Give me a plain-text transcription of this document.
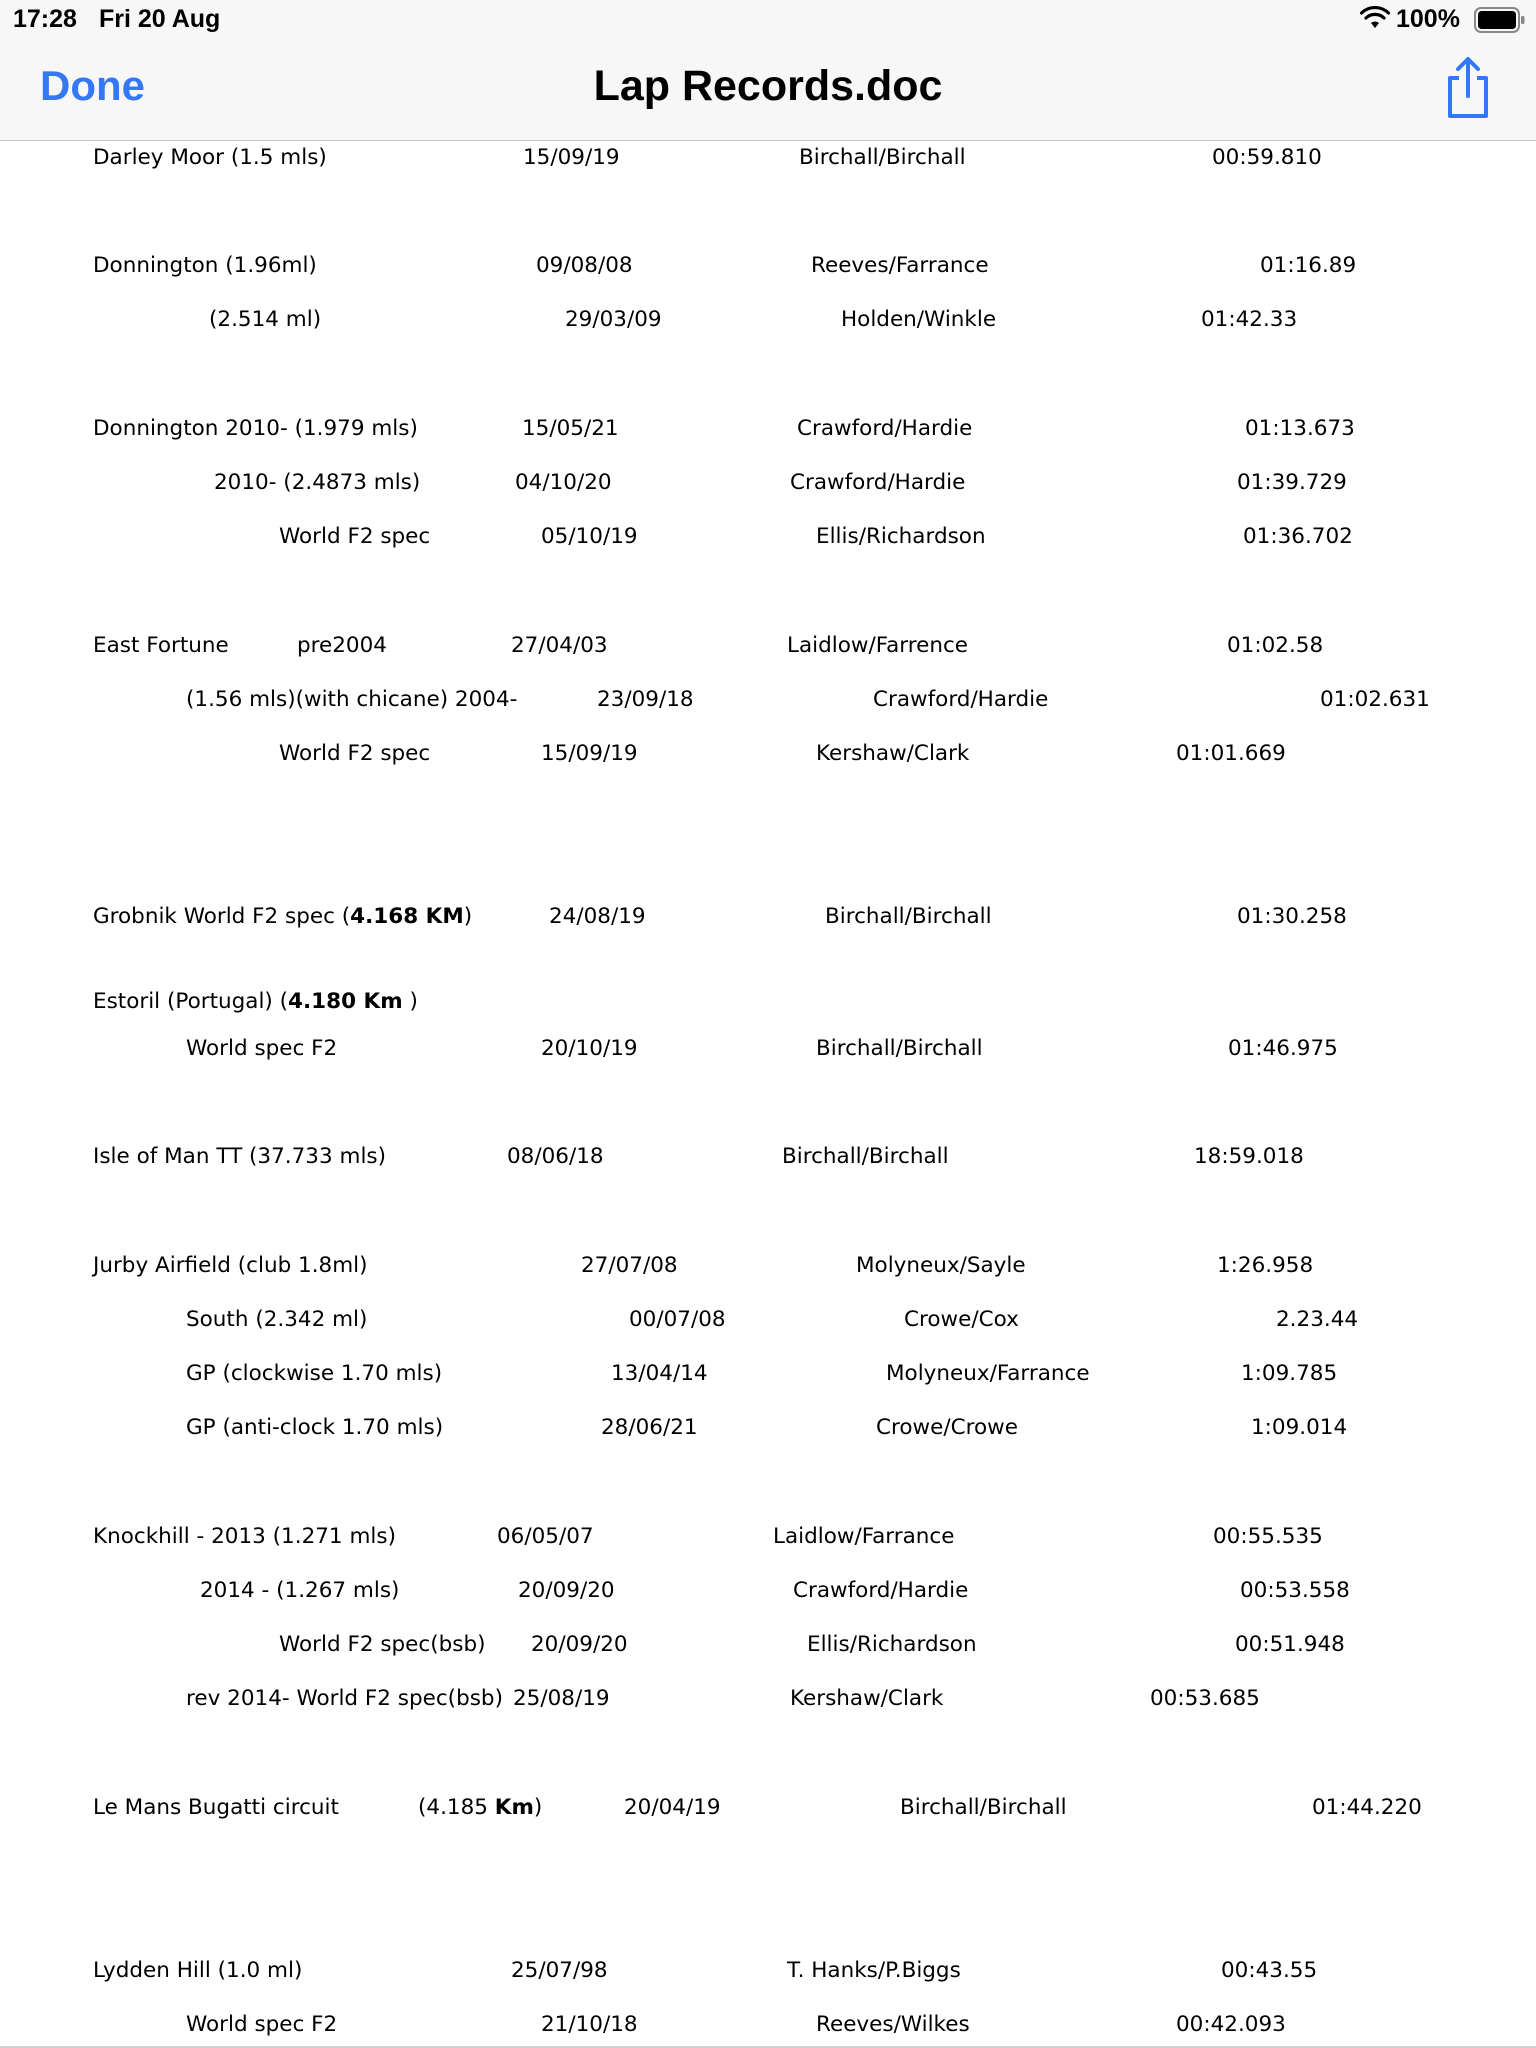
17:28 Fri 20 Aug	100%
Done	Lap Records.doc
Darley Moor (1.5 mls)	15/09/19	Birchall/Birchall	00:59.810
Donnington (1.96ml)	09/08/08	Reeves/Farrance	01:16.89
(2.514 ml)	29/03/09	Holden/Winkle	01:42.33
Donnington 2010- (1.979 mls)	15/05/21	Crawford/Hardie	01:13.673
2010- (2.4873 mls)	04/10/20	Crawford/Hardie	01:39.729
World F2 spec	05/10/19	Ellis/Richardson	01:36.702
East Fortune	pre2004	27/04/03	Laidlow/Farrence	01:02.58
(1.56 mls)(with chicane) 2004-	23/09/18	Crawford/Hardie	01:02.631
World F2 spec	15/09/19	Kershaw/Clark	01:01.669
Grobnik World F2 spec (4.168 KM)	24/08/19	Birchall/Birchall	01:30.258
Estoril (Portugal) (4.180 Km )
World spec F2	20/10/19	Birchall/Birchall	01:46.975
Isle of Man TT (37.733 mls)	08/06/18	Birchall/Birchall	18:59.018
Jurby Airfield (club 1.8ml)	27/07/08	Molyneux/Sayle	1:26.958
South (2.342 ml)	00/07/08	Crowe/Cox	2.23.44
GP (clockwise 1.70 mls)	13/04/14	Molyneux/Farrance	1:09.785
GP (anti-clock 1.70 mls)	28/06/21	Crowe/Crowe	1:09.014
Knockhill - 2013 (1.271 mls)	06/05/07	Laidlow/Farrance	00:55.535
2014 - (1.267 mls)	20/09/20	Crawford/Hardie	00:53.558
World F2 spec(bsb) 20/09/20	Ellis/Richardson	00:51.948
rev 2014- World F2 spec(bsb) 25/08/19	Kershaw/Clark	00:53.685
Le Mans Bugatti circuit	(4.185 Km)	20/04/19	Birchall/Birchall	01:44.220
Lydden Hill (1.0 ml)	25/07/98	T. Hanks/P.Biggs	00:43.55
World spec F2	21/10/18	Reeves/Wilkes	00:42.093
